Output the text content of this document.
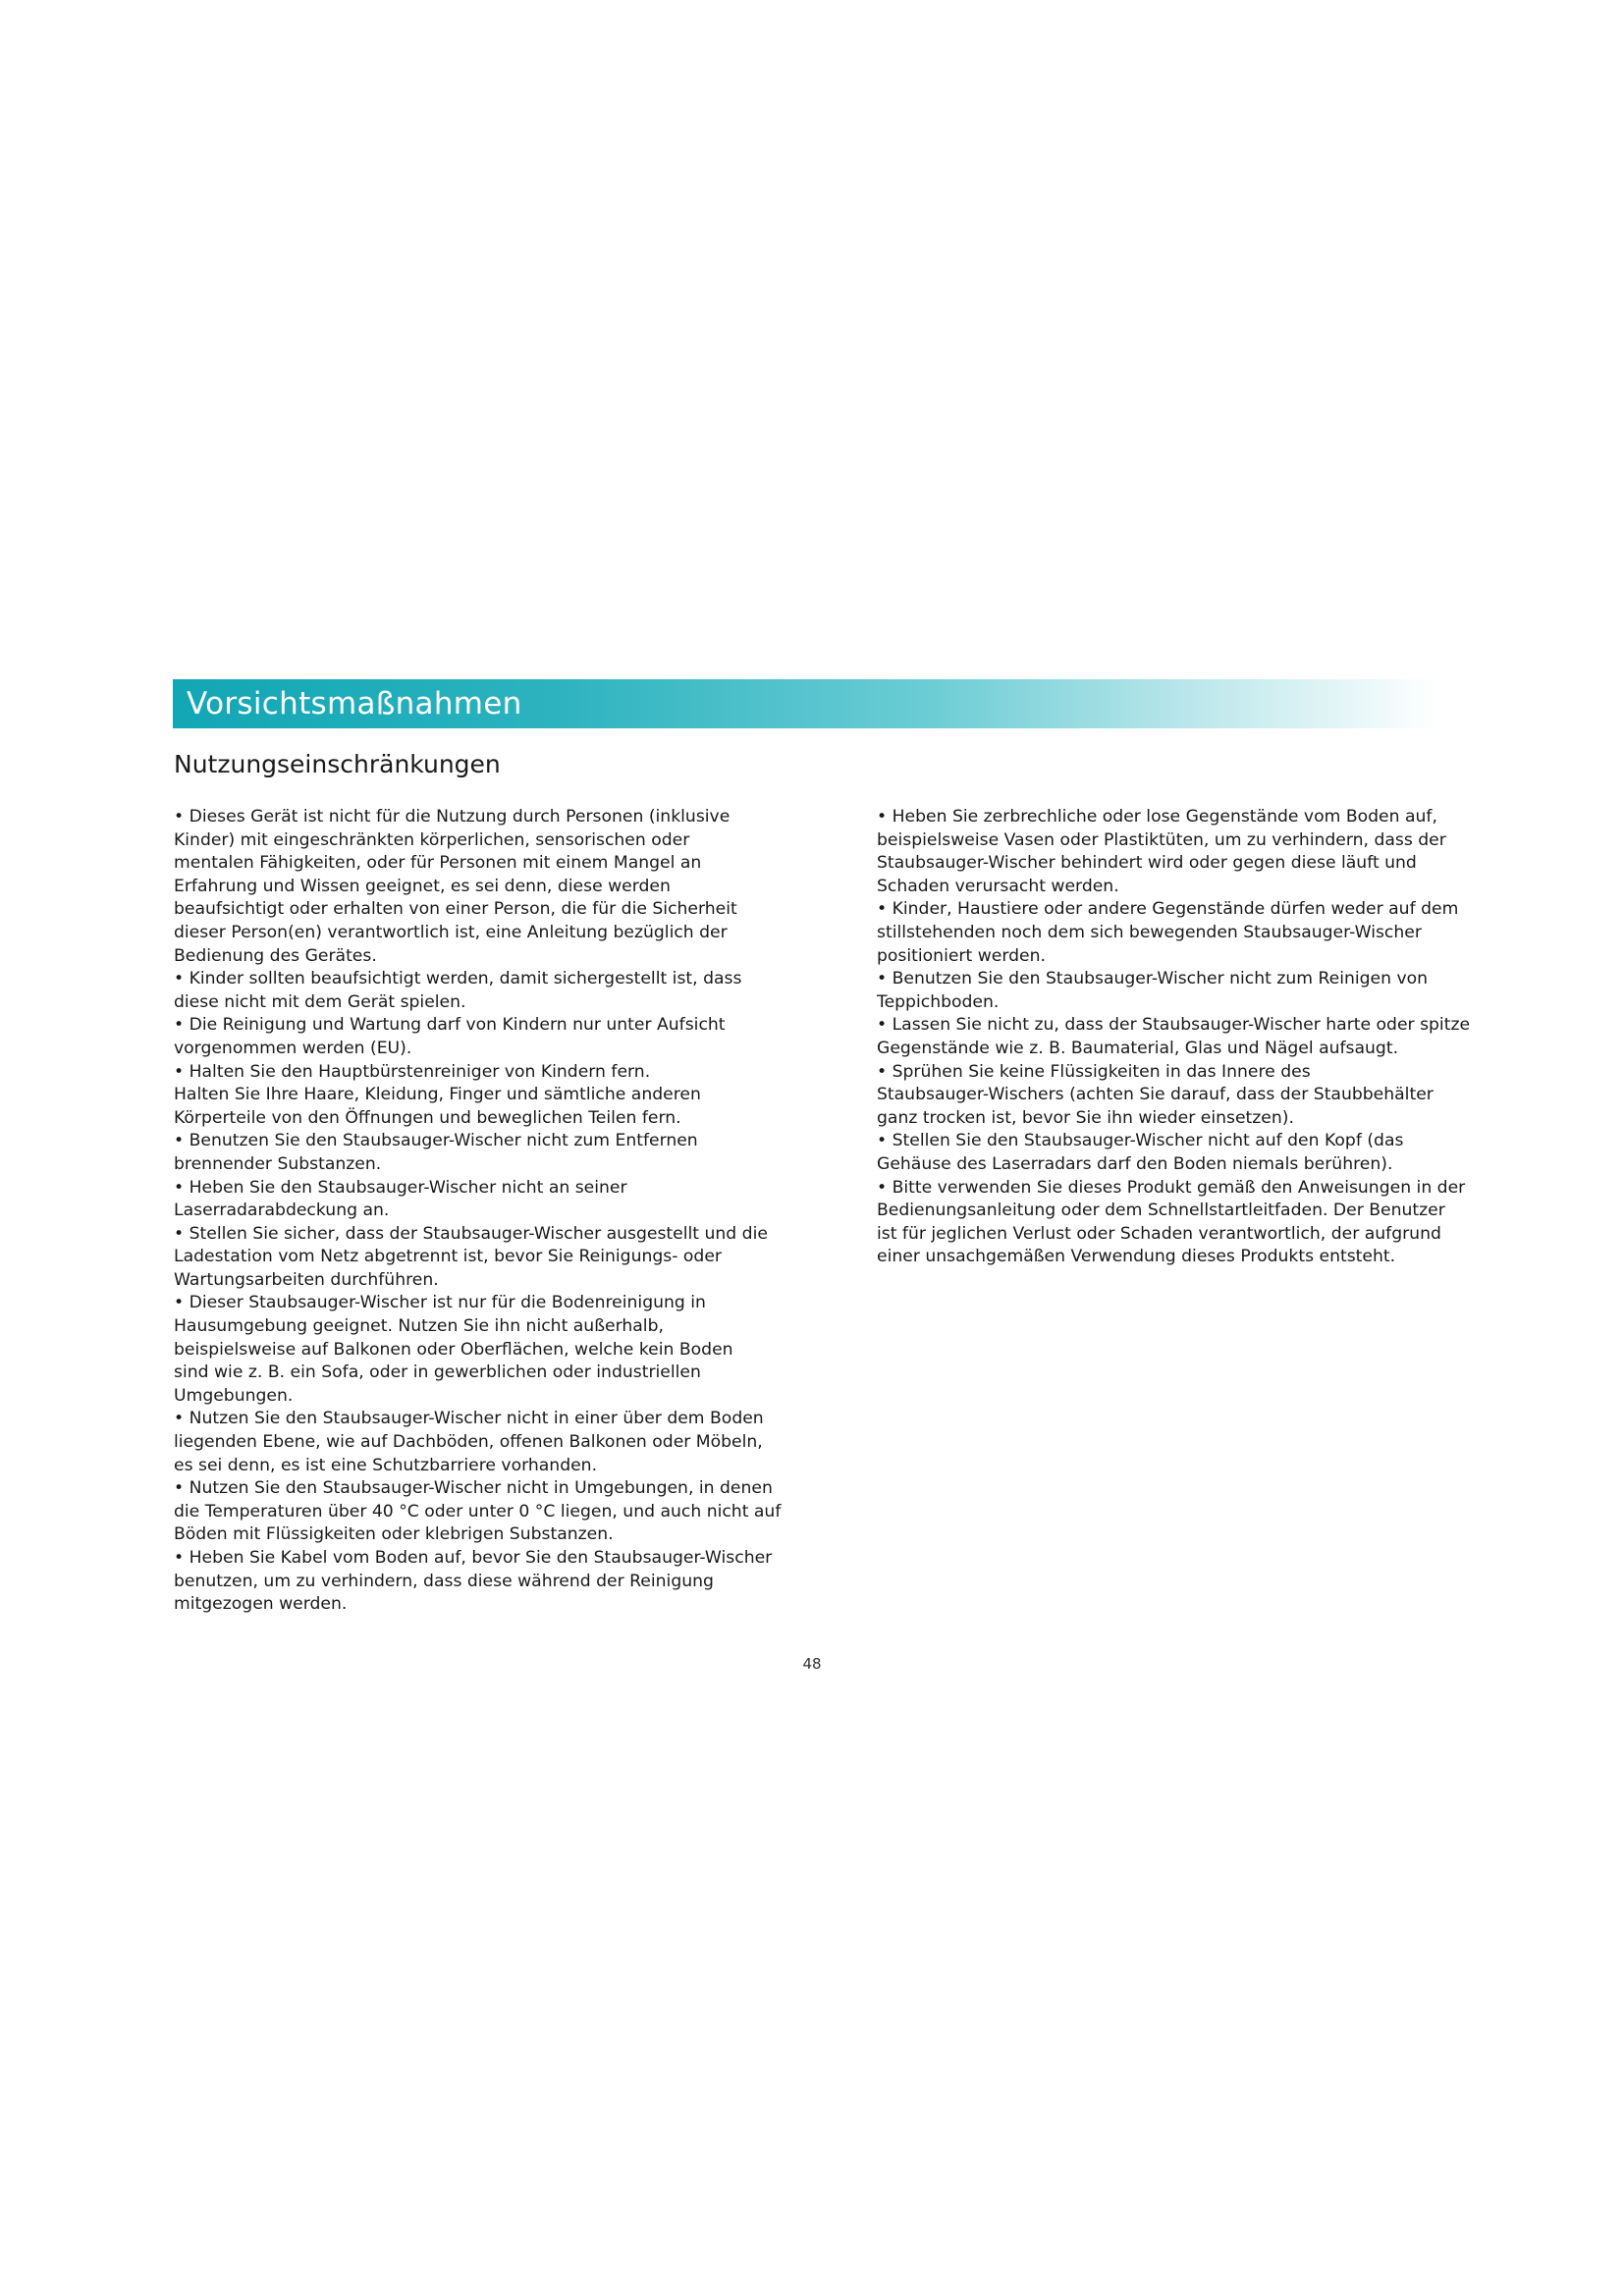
Vorsichtsmaßnahmen
Nutzungseinschränkungen
• Dieses Gerät ist nicht für die Nutzung durch Personen (inklusive
Kinder) mit eingeschränkten körperlichen, sensorischen oder
mentalen Fähigkeiten, oder für Personen mit einem Mangel an
Erfahrung und Wissen geeignet, es sei denn, diese werden
beaufsichtigt oder erhalten von einer Person, die für die Sicherheit
dieser Person(en) verantwortlich ist, eine Anleitung bezüglich der
Bedienung des Gerätes.
• Kinder sollten beaufsichtigt werden, damit sichergestellt ist, dass
diese nicht mit dem Gerät spielen.
• Die Reinigung und Wartung darf von Kindern nur unter Aufsicht
vorgenommen werden (EU).
• Halten Sie den Hauptbürstenreiniger von Kindern fern.
Halten Sie Ihre Haare, Kleidung, Finger und sämtliche anderen
Körperteile von den Öffnungen und beweglichen Teilen fern.
• Benutzen Sie den Staubsauger-Wischer nicht zum Entfernen
brennender Substanzen.
• Heben Sie den Staubsauger-Wischer nicht an seiner
Laserradarabdeckung an.
• Stellen Sie sicher, dass der Staubsauger-Wischer ausgestellt und die
Ladestation vom Netz abgetrennt ist, bevor Sie Reinigungs- oder
Wartungsarbeiten durchführen.
• Dieser Staubsauger-Wischer ist nur für die Bodenreinigung in
Hausumgebung geeignet. Nutzen Sie ihn nicht außerhalb,
beispielsweise auf Balkonen oder Oberflächen, welche kein Boden
sind wie z. B. ein Sofa, oder in gewerblichen oder industriellen
Umgebungen.
• Nutzen Sie den Staubsauger-Wischer nicht in einer über dem Boden
liegenden Ebene, wie auf Dachböden, offenen Balkonen oder Möbeln,
es sei denn, es ist eine Schutzbarriere vorhanden.
• Nutzen Sie den Staubsauger-Wischer nicht in Umgebungen, in denen
die Temperaturen über 40 °C oder unter 0 °C liegen, und auch nicht auf
Böden mit Flüssigkeiten oder klebrigen Substanzen.
• Heben Sie Kabel vom Boden auf, bevor Sie den Staubsauger-Wischer
benutzen, um zu verhindern, dass diese während der Reinigung
mitgezogen werden.
• Heben Sie zerbrechliche oder lose Gegenstände vom Boden auf,
beispielsweise Vasen oder Plastiktüten, um zu verhindern, dass der
Staubsauger-Wischer behindert wird oder gegen diese läuft und
Schaden verursacht werden.
• Kinder, Haustiere oder andere Gegenstände dürfen weder auf dem
stillstehenden noch dem sich bewegenden Staubsauger-Wischer
positioniert werden.
• Benutzen Sie den Staubsauger-Wischer nicht zum Reinigen von
Teppichboden.
• Lassen Sie nicht zu, dass der Staubsauger-Wischer harte oder spitze
Gegenstände wie z. B. Baumaterial, Glas und Nägel aufsaugt.
• Sprühen Sie keine Flüssigkeiten in das Innere des
Staubsauger-Wischers (achten Sie darauf, dass der Staubbehälter
ganz trocken ist, bevor Sie ihn wieder einsetzen).
• Stellen Sie den Staubsauger-Wischer nicht auf den Kopf (das
Gehäuse des Laserradars darf den Boden niemals berühren).
• Bitte verwenden Sie dieses Produkt gemäß den Anweisungen in der
Bedienungsanleitung oder dem Schnellstartleitfaden. Der Benutzer
ist für jeglichen Verlust oder Schaden verantwortlich, der aufgrund
einer unsachgemäßen Verwendung dieses Produkts entsteht.
48
